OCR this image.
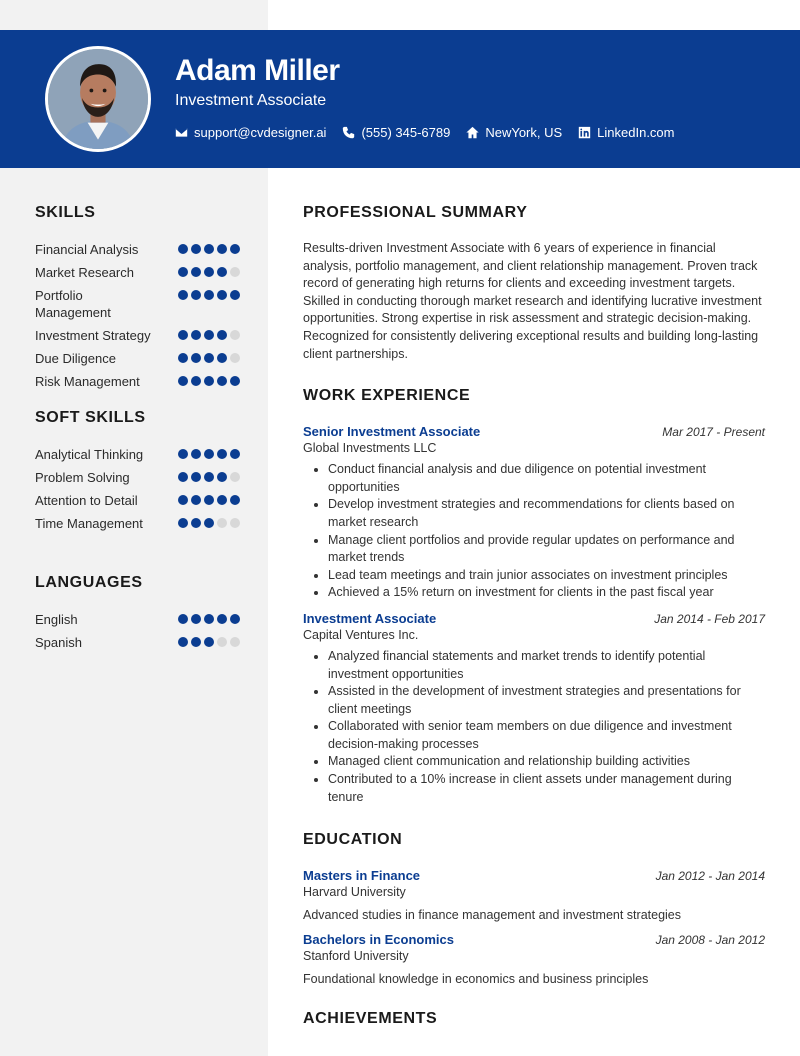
Adam Miller
Investment Associate
support@cvdesigner.ai	(555) 345-6789	NewYork, US	LinkedIn.com
SKILLS
Financial Analysis
Market Research
Portfolio Management
Investment Strategy
Due Diligence
Risk Management
SOFT SKILLS
Analytical Thinking
Problem Solving
Attention to Detail
Time Management
LANGUAGES
English
Spanish
PROFESSIONAL SUMMARY

Results-driven Investment Associate with 6 years of experience in financial analysis, portfolio management, and client relationship management. Proven track record of generating high returns for clients and exceeding investment targets. Skilled in conducting thorough market research and identifying lucrative investment opportunities. Strong expertise in risk assessment and strategic decision-making. Recognized for consistently delivering exceptional results and building long-lasting client partnerships.

WORK EXPERIENCE
Senior Investment Associate	Mar 2017 - Present
Global Investments LLC
• Conduct financial analysis and due diligence on potential investment opportunities
• Develop investment strategies and recommendations for clients based on market research
• Manage client portfolios and provide regular updates on performance and market trends
• Lead team meetings and train junior associates on investment principles
• Achieved a 15% return on investment for clients in the past fiscal year
Investment Associate	Jan 2014 - Feb 2017
Capital Ventures Inc.
• Analyzed financial statements and market trends to identify potential investment opportunities
• Assisted in the development of investment strategies and presentations for client meetings
• Collaborated with senior team members on due diligence and investment decision-making processes
• Managed client communication and relationship building activities
• Contributed to a 10% increase in client assets under management during tenure
EDUCATION
Masters in Finance	Jan 2012 - Jan 2014
Harvard University
Advanced studies in finance management and investment strategies
Bachelors in Economics	Jan 2008 - Jan 2012
Stanford University
Foundational knowledge in economics and business principles
ACHIEVEMENTS
